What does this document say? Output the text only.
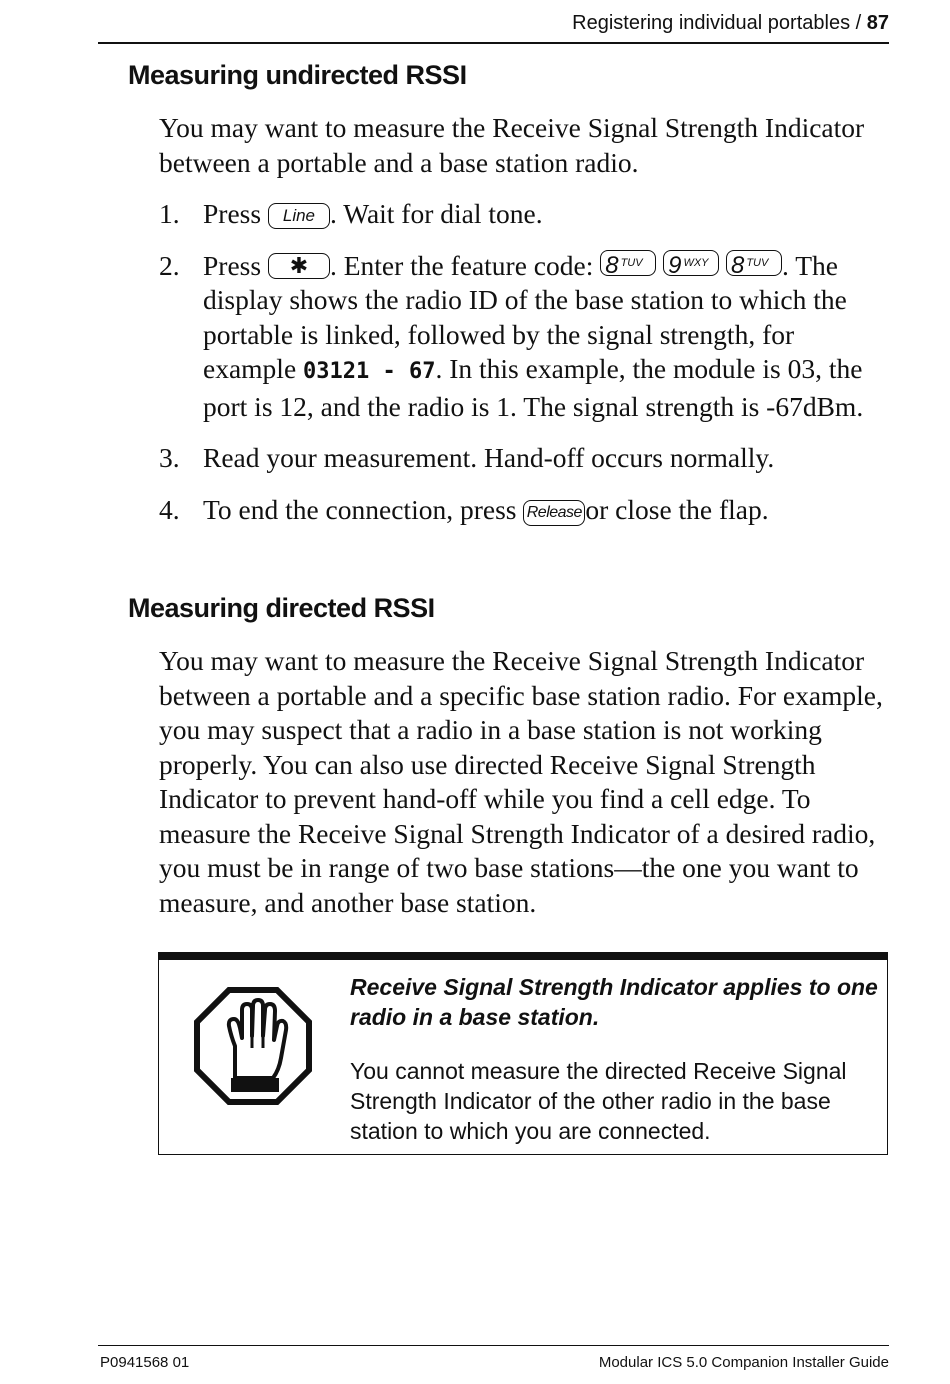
Registering individual portables / 87
Measuring undirected RSSI

You may want to measure the Receive Signal Strength Indicator between a portable and a base station radio.

1. Press Line . Wait for dial tone.
2. Press ✱ . Enter the feature code: 8 $^{TUV}$ 9 $^{WXY}$ 8 $^{TUV}$ . The display shows the radio ID of the base station to which the portable is linked, followed by the signal strength, for example 03121 - 67. In this example, the module is 03, the port is 12, and the radio is 1. The signal strength is -67dBm.
3. Read your measurement. Hand-off occurs normally.
4. To end the connection, press Release or close the flap.
Measuring directed RSSI

You may want to measure the Receive Signal Strength Indicator between a portable and a specific base station radio. For example, you may suspect that a radio in a base station is not working properly. You can also use directed Receive Signal Strength Indicator to prevent hand-off while you find a cell edge. To measure the Receive Signal Strength Indicator of a desired radio, you must be in range of two base stations—the one you want to measure, and another base station.

Receive Signal Strength Indicator applies to one radio in a base station.

You cannot measure the directed Receive Signal Strength Indicator of the other radio in the base station to which you are connected.

P0941568 01	Modular ICS 5.0 Companion Installer Guide
